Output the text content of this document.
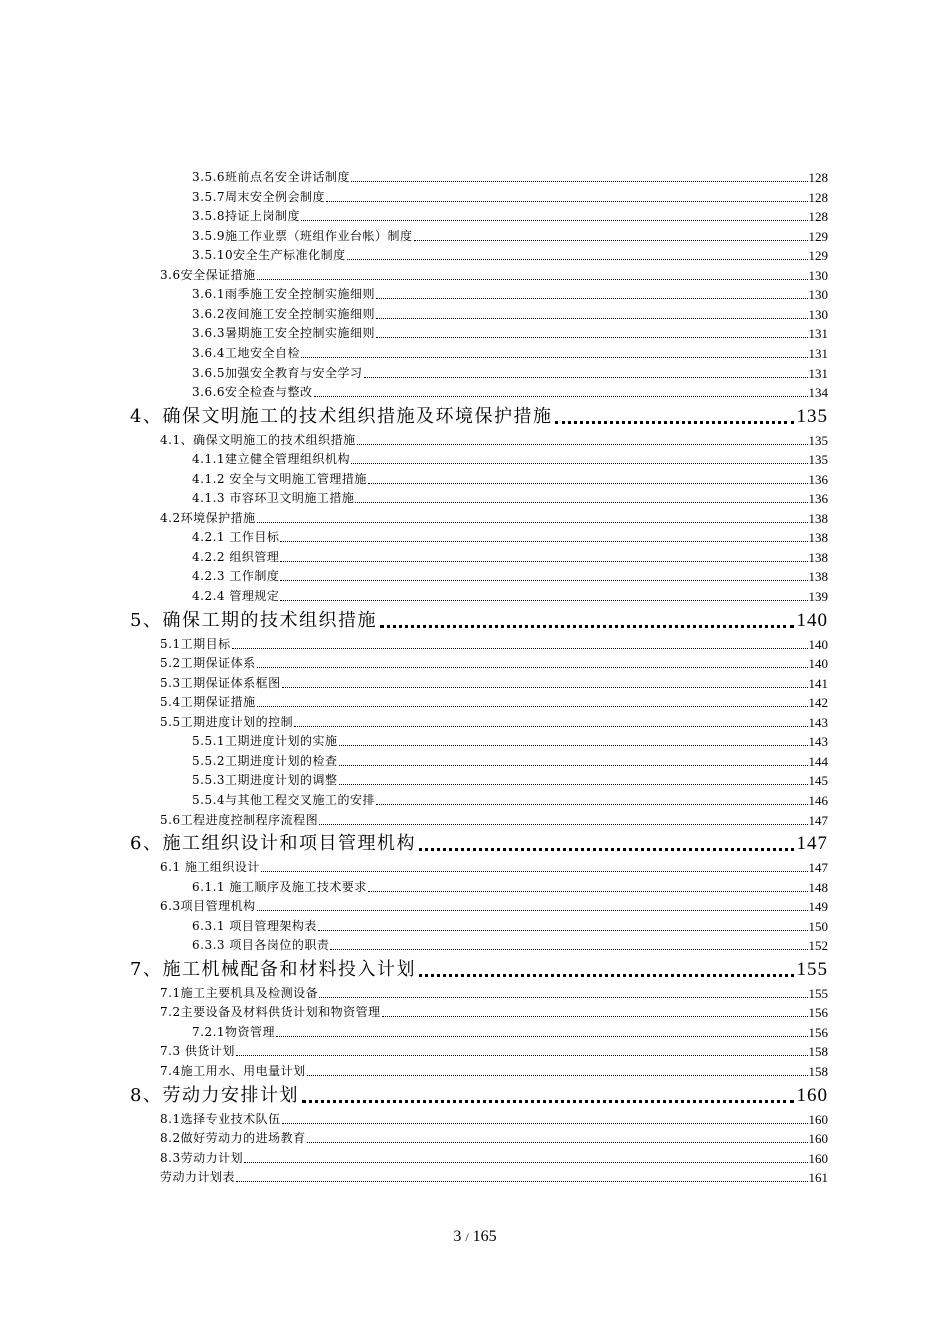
3.5.6班前点名安全讲话制度	128
3.5.7周末安全例会制度	128
3.5.8持证上岗制度	128
3.5.9施工作业票（班组作业台帐）制度	129
3.5.10安全生产标准化制度	129
3.6安全保证措施	130
3.6.1雨季施工安全控制实施细则	130
3.6.2夜间施工安全控制实施细则	130
3.6.3暑期施工安全控制实施细则	131
3.6.4工地安全自检	131
3.6.5加强安全教育与安全学习	131
3.6.6安全检查与整改	134
4、确保文明施工的技术组织措施及环境保护措施	135
4.1、确保文明施工的技术组织措施	135
4.1.1建立健全管理组织机构	135
4.1.2 安全与文明施工管理措施	136
4.1.3 市容环卫文明施工措施	136
4.2环境保护措施	138
4.2.1 工作目标	138
4.2.2 组织管理	138
4.2.3 工作制度	138
4.2.4 管理规定	139
5、确保工期的技术组织措施	140
5.1工期目标	140
5.2工期保证体系	140
5.3工期保证体系框图	141
5.4工期保证措施	142
5.5工期进度计划的控制	143
5.5.1工期进度计划的实施	143
5.5.2工期进度计划的检查	144
5.5.3工期进度计划的调整	145
5.5.4与其他工程交叉施工的安排	146
5.6工程进度控制程序流程图	147
6、施工组织设计和项目管理机构	147
6.1 施工组织设计	147
6.1.1 施工顺序及施工技术要求	148
6.3项目管理机构	149
6.3.1 项目管理架构表	150
6.3.3 项目各岗位的职责	152
7、施工机械配备和材料投入计划	155
7.1施工主要机具及检测设备	155
7.2主要设备及材料供货计划和物资管理	156
7.2.1物资管理	156
7.3 供货计划	158
7.4施工用水、用电量计划	158
8、劳动力安排计划	160
8.1选择专业技术队伍	160
8.2做好劳动力的进场教育	160
8.3劳动力计划	160
劳动力计划表	161
3 / 165
